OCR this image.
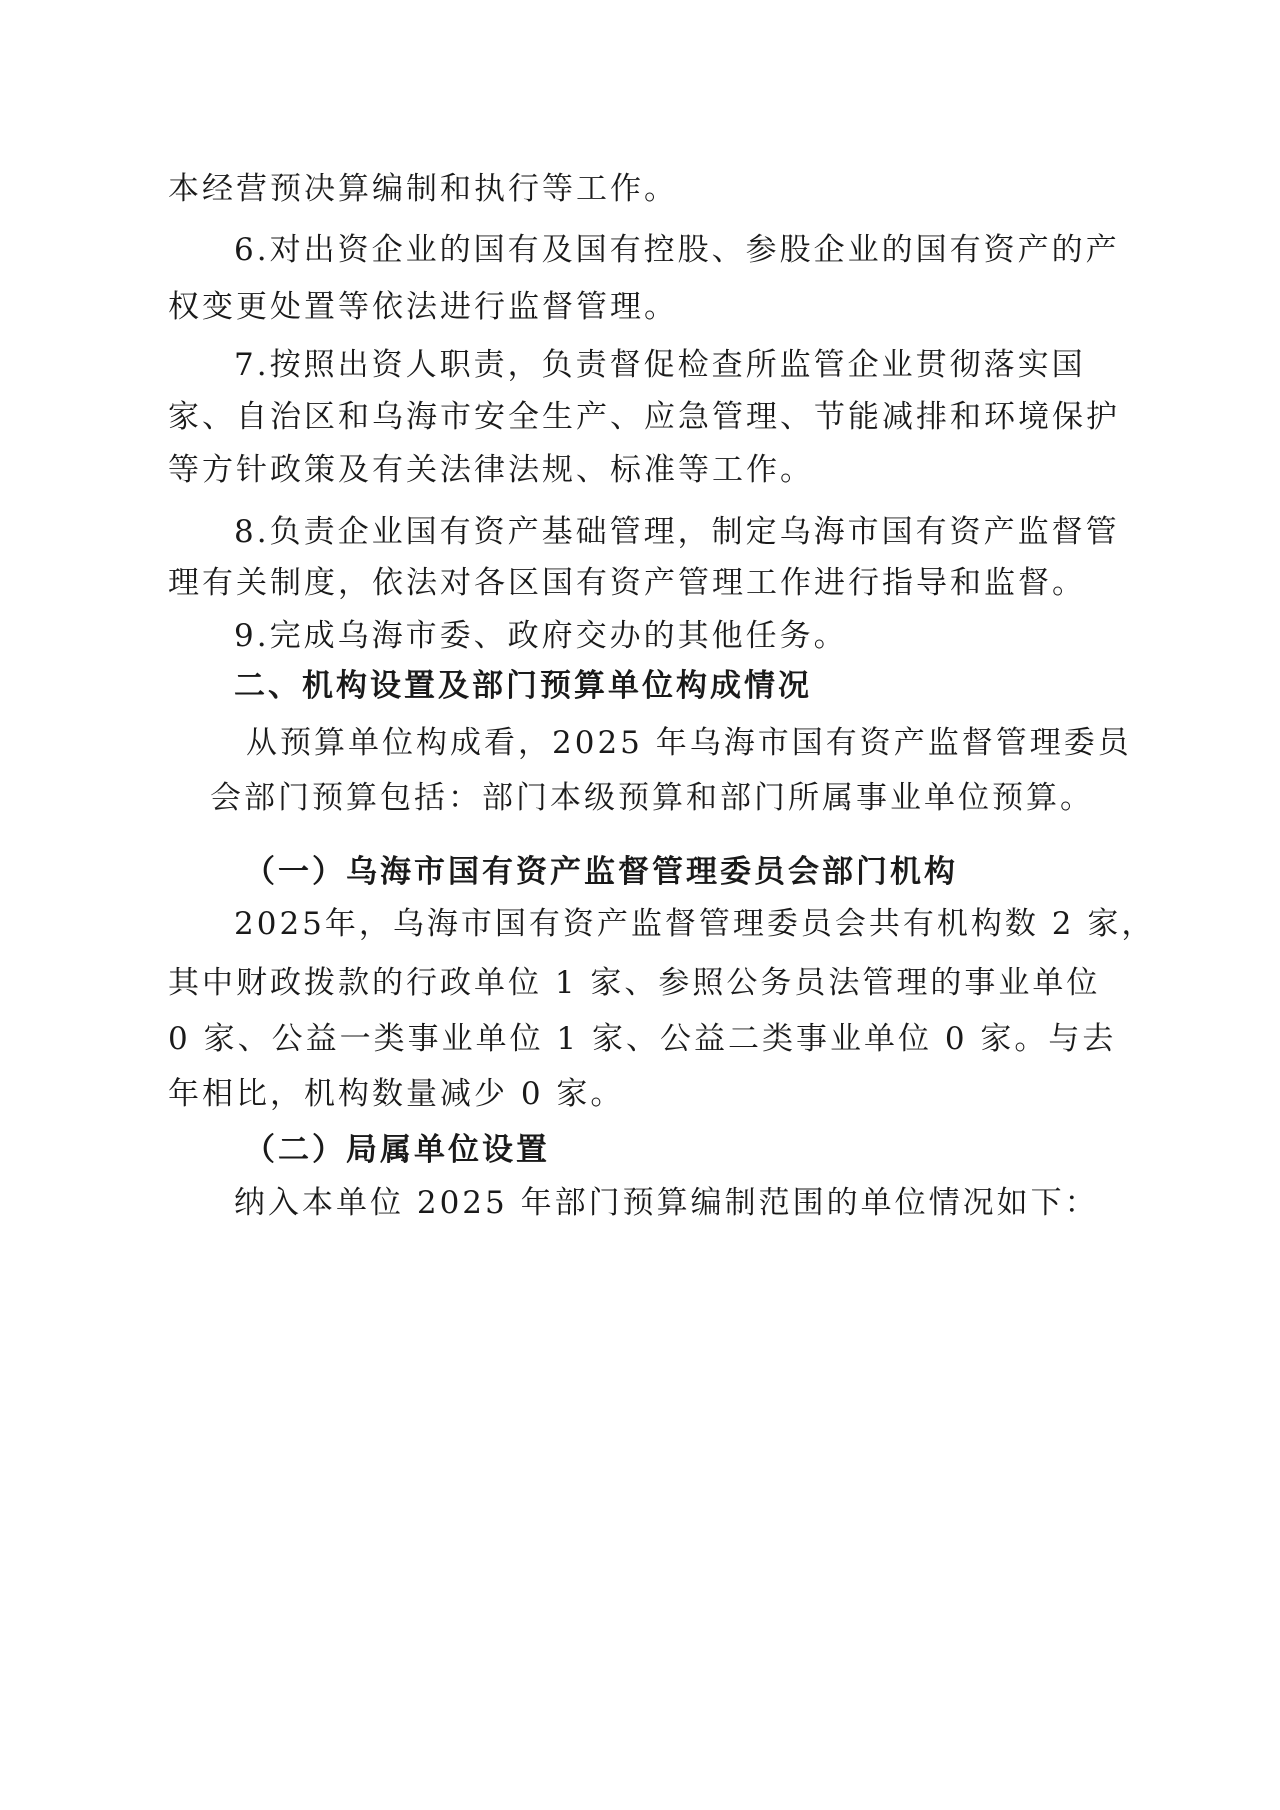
本经营预决算编制和执行等工作。
6.对出资企业的国有及国有控股、参股企业的国有资产的产
权变更处置等依法进行监督管理。
7.按照出资人职责，负责督促检查所监管企业贯彻落实国
家、自治区和乌海市安全生产、应急管理、节能减排和环境保护
等方针政策及有关法律法规、标准等工作。
8.负责企业国有资产基础管理，制定乌海市国有资产监督管
理有关制度，依法对各区国有资产管理工作进行指导和监督。
9.完成乌海市委、政府交办的其他任务。
二、机构设置及部门预算单位构成情况
从预算单位构成看，2025 年乌海市国有资产监督管理委员
会部门预算包括：部门本级预算和部门所属事业单位预算。
（一）乌海市国有资产监督管理委员会部门机构
2025年，乌海市国有资产监督管理委员会共有机构数 2 家，
其中财政拨款的行政单位 1 家、参照公务员法管理的事业单位
0 家、公益一类事业单位 1 家、公益二类事业单位 0 家。与去
年相比，机构数量减少 0 家。
（二）局属单位设置
纳入本单位 2025 年部门预算编制范围的单位情况如下：
